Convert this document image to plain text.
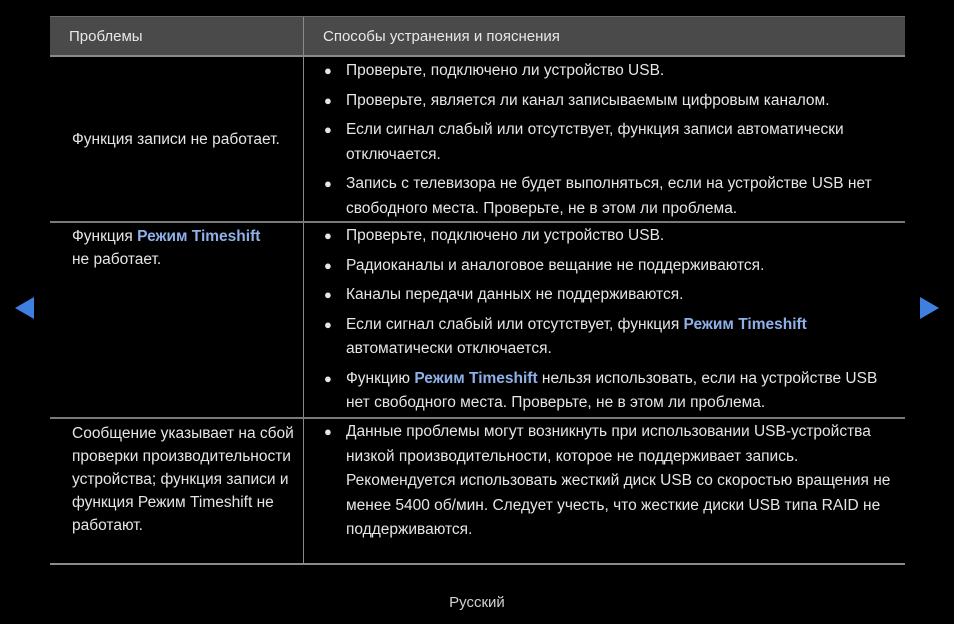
Проблемы	Способы устранения и пояснения
Функция записи не работает.
● Проверьте, подключено ли устройство USB.
● Проверьте, является ли канал записываемым цифровым каналом.
● Если сигнал слабый или отсутствует, функция записи автоматически отключается.
● Запись с телевизора не будет выполняться, если на устройстве USB нет свободного места. Проверьте, не в этом ли проблема.
Функция Режим Timeshift
не работает.
● Проверьте, подключено ли устройство USB.
● Радиоканалы и аналоговое вещание не поддерживаются.
● Каналы передачи данных не поддерживаются.
● Если сигнал слабый или отсутствует, функция Режим Timeshift автоматически отключается.
● Функцию Режим Timeshift нельзя использовать, если на устройстве USB нет свободного места. Проверьте, не в этом ли проблема.
Сообщение указывает на сбой проверки производительности устройства; функция записи и функция Режим Timeshift не работают.
● Данные проблемы могут возникнуть при использовании USB-устройства низкой производительности, которое не поддерживает запись. Рекомендуется использовать жесткий диск USB со скоростью вращения не менее 5400 об/мин. Следует учесть, что жесткие диски USB типа RAID не поддерживаются.
Русский
